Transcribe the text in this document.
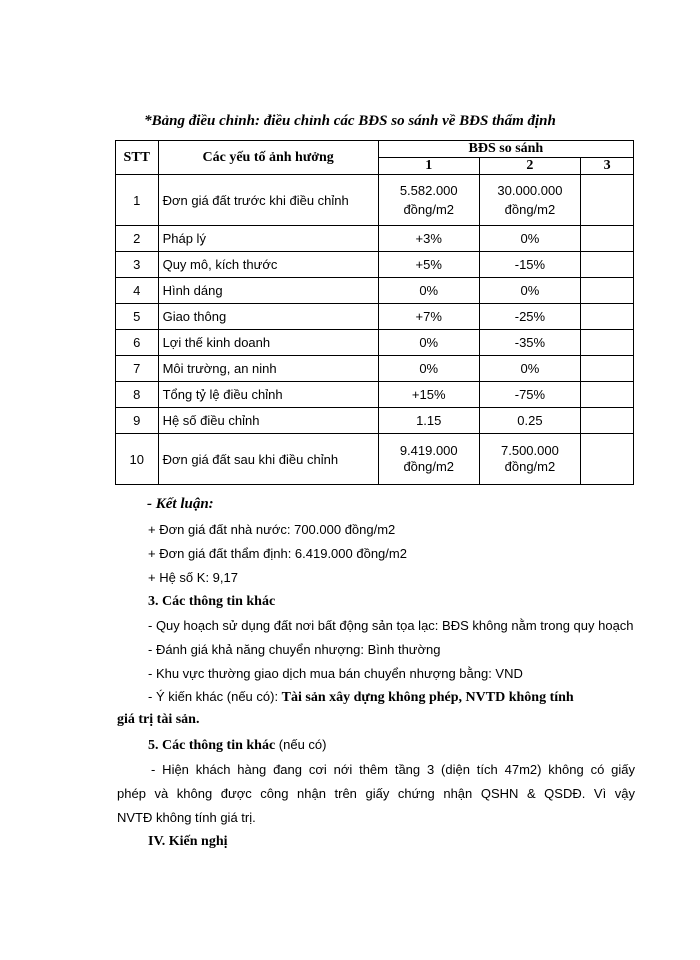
*Bảng điều chỉnh: điều chỉnh các BĐS so sánh về BĐS thẩm định
STT	Các yếu tố ảnh hưởng	BĐS so sánh		
		1	2	3
1	Đơn giá đất trước khi điều chỉnh	5.582.000 đồng/m2	30.000.000 đồng/m2	
2	Pháp lý	+3%	0%	
3	Quy mô, kích thước	+5%	-15%	
4	Hình dáng	0%	0%	
5	Giao thông	+7%	-25%	
6	Lợi thế kinh doanh	0%	-35%	
7	Môi trường, an ninh	0%	0%	
8	Tổng tỷ lệ điều chỉnh	+15%	-75%	
9	Hệ số điều chỉnh	1.15	0.25	
10	Đơn giá đất sau khi điều chỉnh	9.419.000 đồng/m2	7.500.000 đồng/m2	
- Kết luận:
+ Đơn giá đất nhà nước: 700.000 đồng/m2
+ Đơn giá đất thẩm định: 6.419.000 đồng/m2
+ Hệ số K: 9,17
3. Các thông tin khác
- Quy hoạch sử dụng đất nơi bất động sản tọa lạc: BĐS không nằm trong quy hoạch
- Đánh giá khả năng chuyển nhượng: Bình thường
- Khu vực thường giao dịch mua bán chuyển nhượng bằng: VND
- Ý kiến khác (nếu có): Tài sản xây dựng không phép, NVTD không tính
giá trị tài sản.
5. Các thông tin khác (nếu có)
- Hiện khách hàng đang cơi nới thêm tầng 3 (diện tích 47m2) không có giấy
phép và không được công nhận trên giấy chứng nhận QSHN & QSDĐ. Vì vậy
NVTĐ không tính giá trị.
IV. Kiến nghị
